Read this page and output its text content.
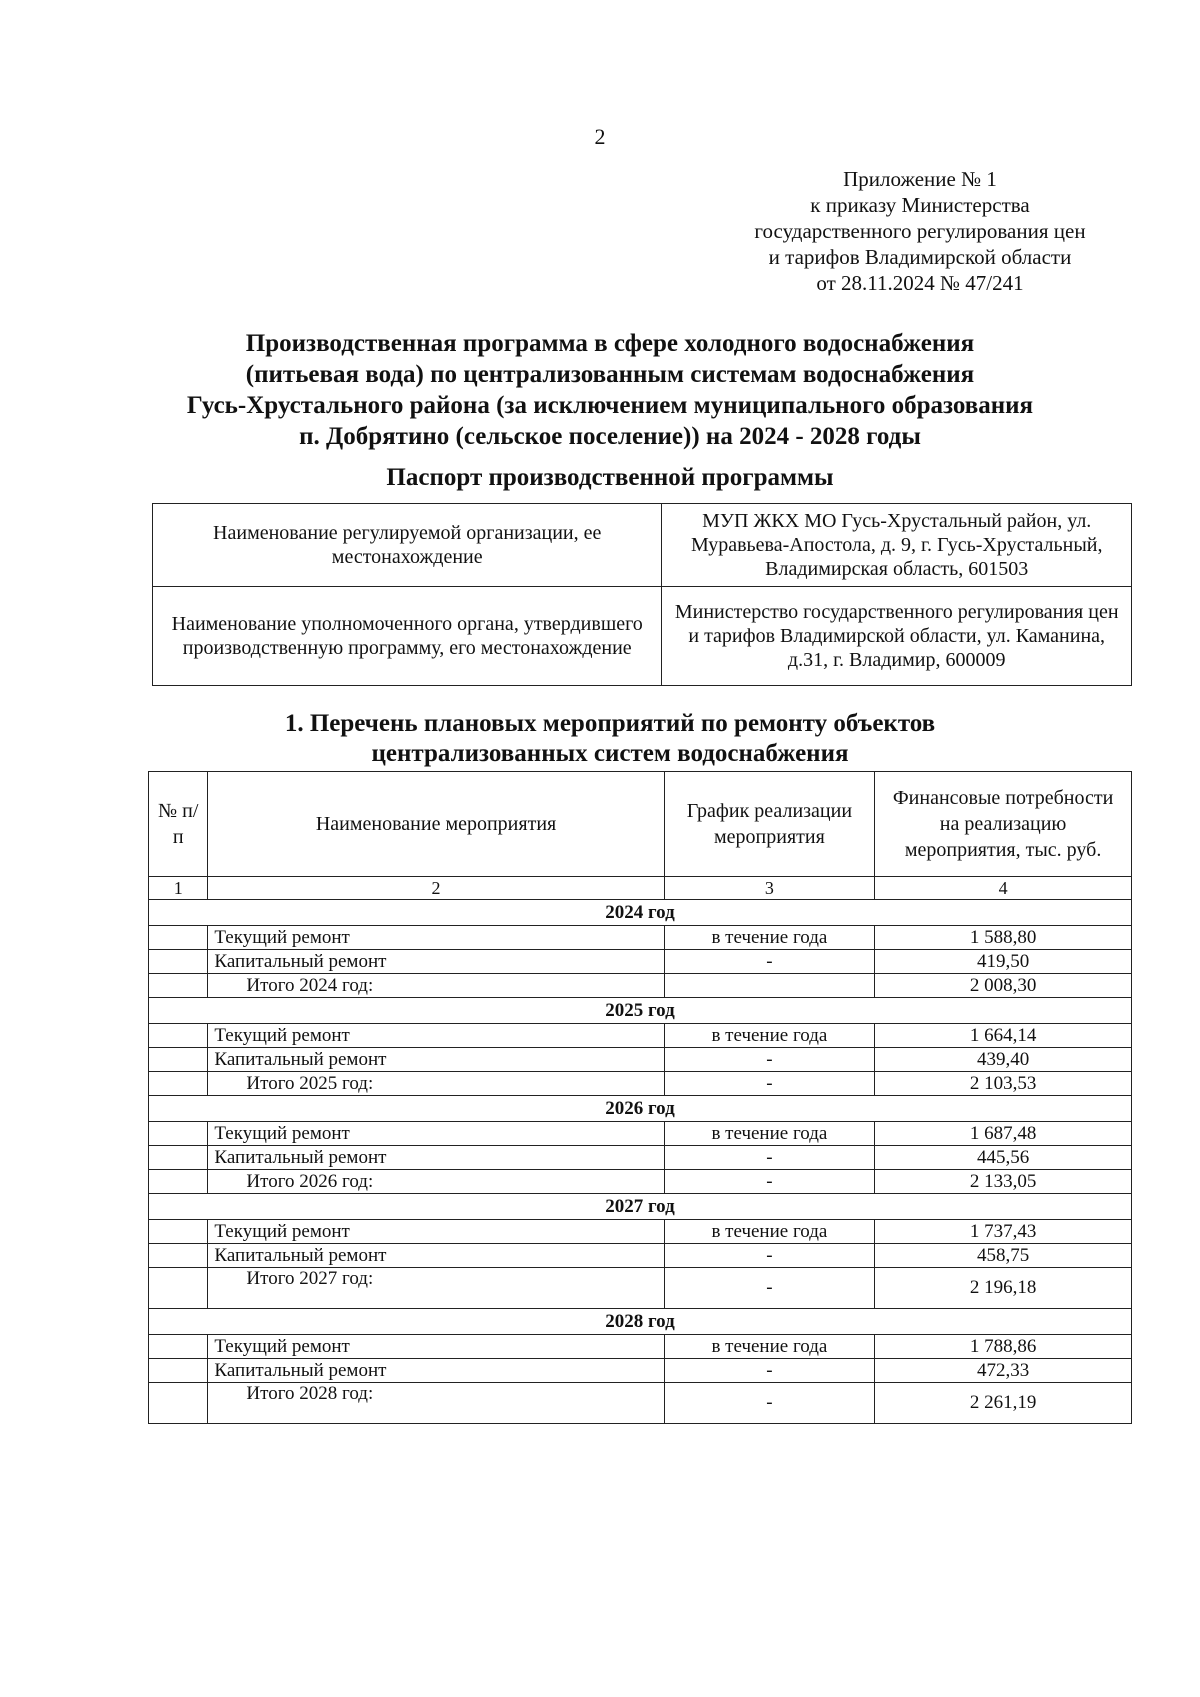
2
Приложение № 1
к приказу Министерства
государственного регулирования цен
и тарифов Владимирской области
от 28.11.2024 № 47/241
Производственная программа в сфере холодного водоснабжения
(питьевая вода) по централизованным системам водоснабжения
Гусь-Хрустального района (за исключением муниципального образования
п. Добрятино (сельское поселение)) на 2024 - 2028 годы
Паспорт производственной программы
Наименование регулируемой организации, ее местонахождение	МУП ЖКХ МО Гусь-Хрустальный район, ул. Муравьева-Апостола, д. 9, г. Гусь-Хрустальный, Владимирская область, 601503
Наименование уполномоченного органа, утвердившего производственную программу, его местонахождение	Министерство государственного регулирования цен и тарифов Владимирской области, ул. Каманина, д.31, г. Владимир, 600009
1. Перечень плановых мероприятий по ремонту объектов
централизованных систем водоснабжения
№ п/п	Наименование мероприятия	График реализации мероприятия	Финансовые потребности на реализацию мероприятия, тыс. руб.
1	2	3	4
2024 год			
	Текущий ремонт	в течение года	1 588,80
	Капитальный ремонт	-	419,50
	Итого 2024 год:		2 008,30
2025 год			
	Текущий ремонт	в течение года	1 664,14
	Капитальный ремонт	-	439,40
	Итого 2025 год:	-	2 103,53
2026 год			
	Текущий ремонт	в течение года	1 687,48
	Капитальный ремонт	-	445,56
	Итого 2026 год:	-	2 133,05
2027 год			
	Текущий ремонт	в течение года	1 737,43
	Капитальный ремонт	-	458,75
	Итого 2027 год:	-	2 196,18
2028 год			
	Текущий ремонт	в течение года	1 788,86
	Капитальный ремонт	-	472,33
	Итого 2028 год:	-	2 261,19
